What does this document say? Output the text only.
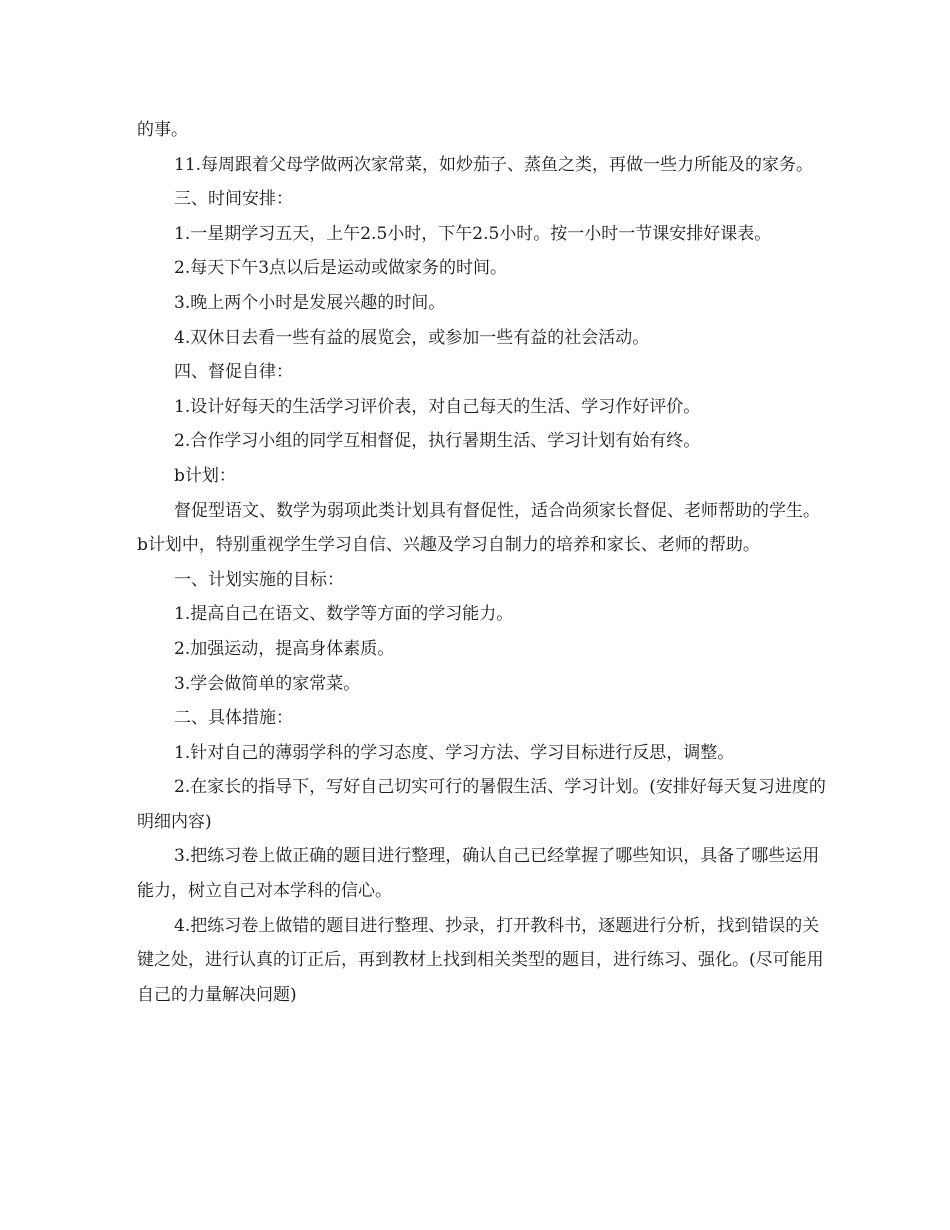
的事。

11.每周跟着父母学做两次家常菜，如炒茄子、蒸鱼之类，再做一些力所能及的家务。

三、时间安排：

1.一星期学习五天，上午2.5小时，下午2.5小时。按一小时一节课安排好课表。

2.每天下午3点以后是运动或做家务的时间。

3.晚上两个小时是发展兴趣的时间。

4.双休日去看一些有益的展览会，或参加一些有益的社会活动。

四、督促自律：

1.设计好每天的生活学习评价表，对自己每天的生活、学习作好评价。

2.合作学习小组的同学互相督促，执行暑期生活、学习计划有始有终。

b计划：

督促型语文、数学为弱项此类计划具有督促性，适合尚须家长督促、老师帮助的学生。b计划中，特别重视学生学习自信、兴趣及学习自制力的培养和家长、老师的帮助。

一、计划实施的目标：

1.提高自己在语文、数学等方面的学习能力。

2.加强运动，提高身体素质。

3.学会做简单的家常菜。

二、具体措施：

1.针对自己的薄弱学科的学习态度、学习方法、学习目标进行反思，调整。

2.在家长的指导下，写好自己切实可行的暑假生活、学习计划。(安排好每天复习进度的明细内容)

3.把练习卷上做正确的题目进行整理，确认自己已经掌握了哪些知识，具备了哪些运用能力，树立自己对本学科的信心。

4.把练习卷上做错的题目进行整理、抄录，打开教科书，逐题进行分析，找到错误的关键之处，进行认真的订正后，再到教材上找到相关类型的题目，进行练习、强化。(尽可能用自己的力量解决问题)
